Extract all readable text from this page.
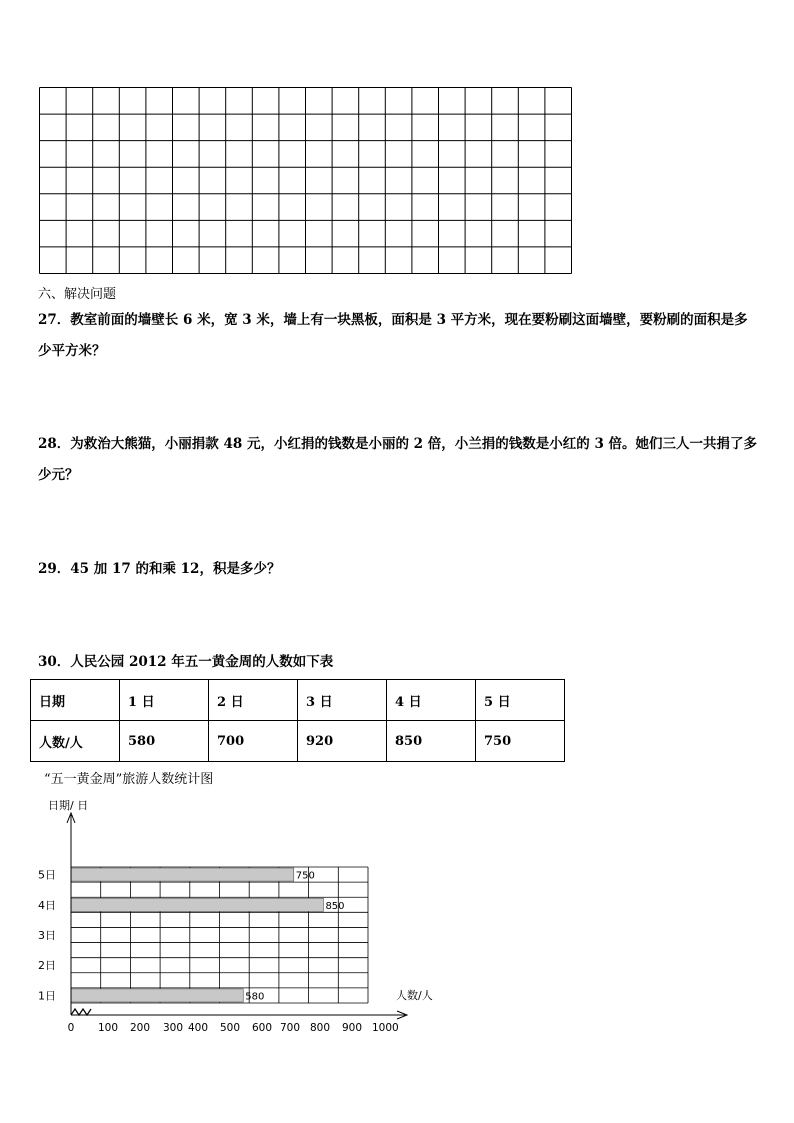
六、解决问题
27．教室前面的墙壁长 6 米，宽 3 米，墙上有一块黑板，面积是 3 平方米，现在要粉刷这面墙壁，要粉刷的面积是多
少平方米？
28．为救治大熊猫，小丽捐款 48 元，小红捐的钱数是小丽的 2 倍，小兰捐的钱数是小红的 3 倍。她们三人一共捐了多
少元？
29．45 加 17 的和乘 12，积是多少？
30．人民公园 2012 年五一黄金周的人数如下表
日期	1 日	2 日	3 日	4 日	5 日
人数/人	580	700	920	850	750
“五一黄金周”旅游人数统计图
1日	580
2日
3日
4日	850
5日	750
日期/ 日
人数/人
0 100 200 300 400 500 600 700 800 900 1000
